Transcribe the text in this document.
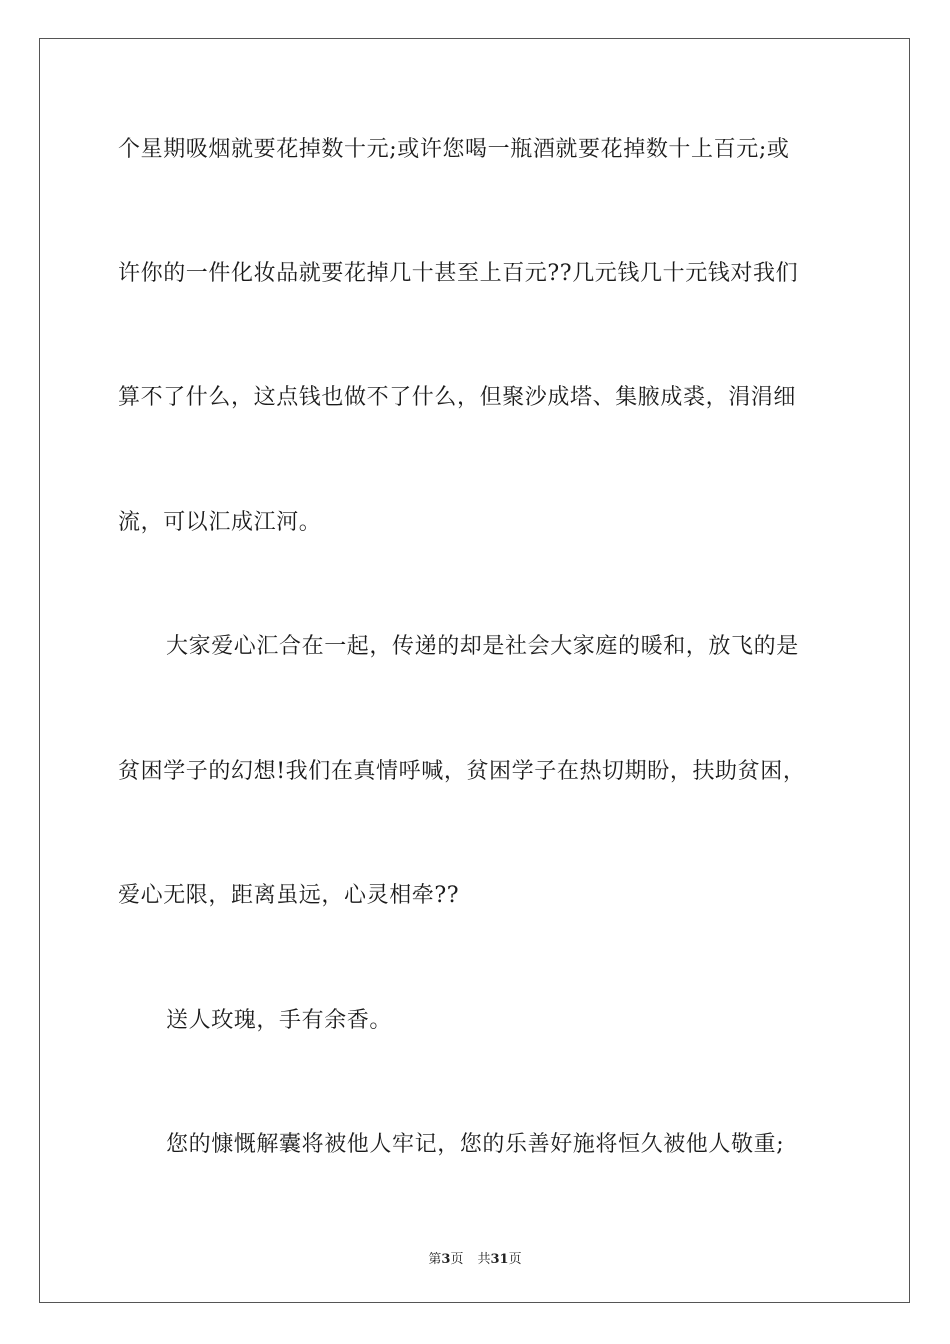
个星期吸烟就要花掉数十元;或许您喝一瓶酒就要花掉数十上百元;或
许你的一件化妆品就要花掉几十甚至上百元??几元钱几十元钱对我们
算不了什么，这点钱也做不了什么，但聚沙成塔、集腋成裘，涓涓细
流，可以汇成江河。
大家爱心汇合在一起，传递的却是社会大家庭的暖和，放飞的是
贫困学子的幻想!我们在真情呼喊，贫困学子在热切期盼，扶助贫困，
爱心无限，距离虽远，心灵相牵??
送人玫瑰，手有余香。
您的慷慨解囊将被他人牢记，您的乐善好施将恒久被他人敬重;
第3页 共31页
